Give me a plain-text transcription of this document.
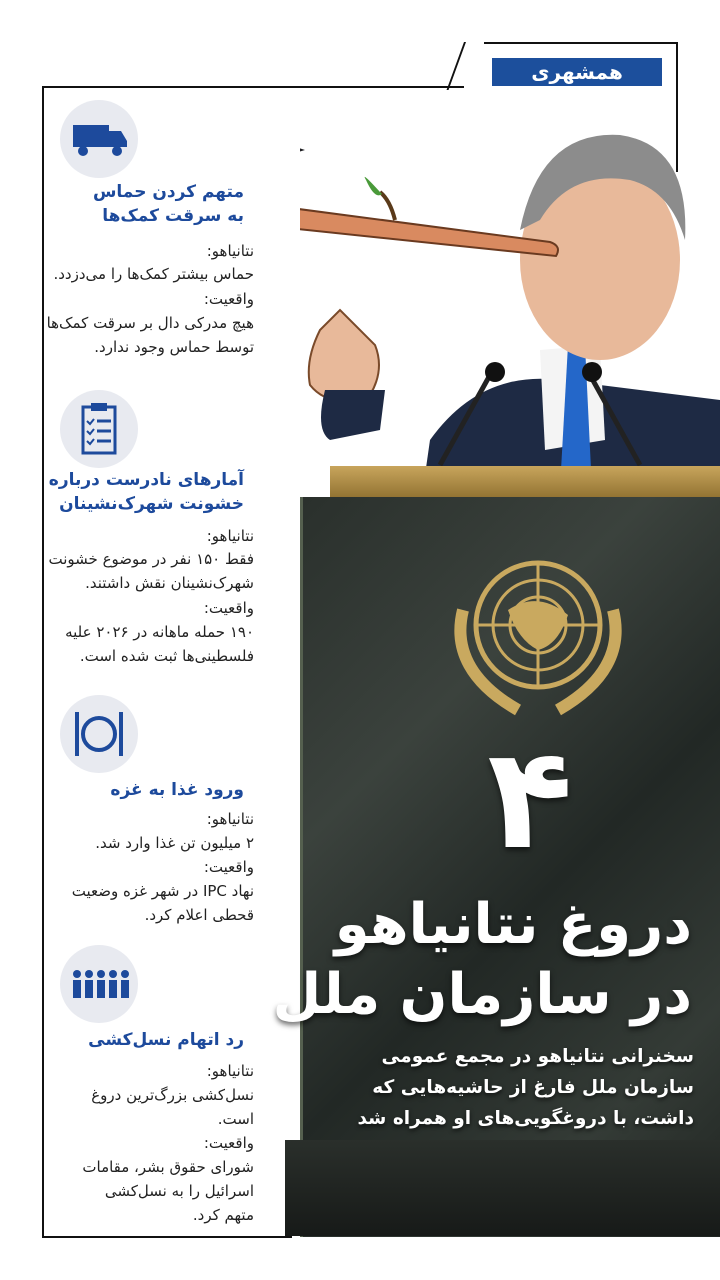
همشهری
۴
دروغ نتانیاهو
در سازمان ملل
سخنرانی نتانیاهو در مجمع عمومی
سازمان ملل فارغ از حاشیه‌هایی که
داشت، با دروغگویی‌های او همراه شد
متهم کردن حماس
به سرقت کمک‌ها
نتانیاهو:
حماس بیشتر کمک‌ها را می‌دزدد.
واقعیت:
هیچ مدرکی دال بر سرقت کمک‌ها
توسط حماس وجود ندارد.
آمارهای نادرست درباره
خشونت شهرک‌نشینان
نتانیاهو:
فقط ۱۵۰ نفر در موضوع خشونت
شهرک‌نشینان نقش داشتند.
واقعیت:
۱۹۰ حمله ماهانه در ۲۰۲۶ علیه
فلسطینی‌ها ثبت شده است.
ورود غذا به غزه
نتانیاهو:
۲ میلیون تن غذا وارد شد.
واقعیت:
نهاد IPC در شهر غزه وضعیت
قحطی اعلام کرد.
رد اتهام نسل‌کشی
نتانیاهو:
نسل‌کشی بزرگ‌ترین دروغ
است.
واقعیت:
شورای حقوق بشر، مقامات
اسرائیل را به نسل‌کشی
متهم کرد.
